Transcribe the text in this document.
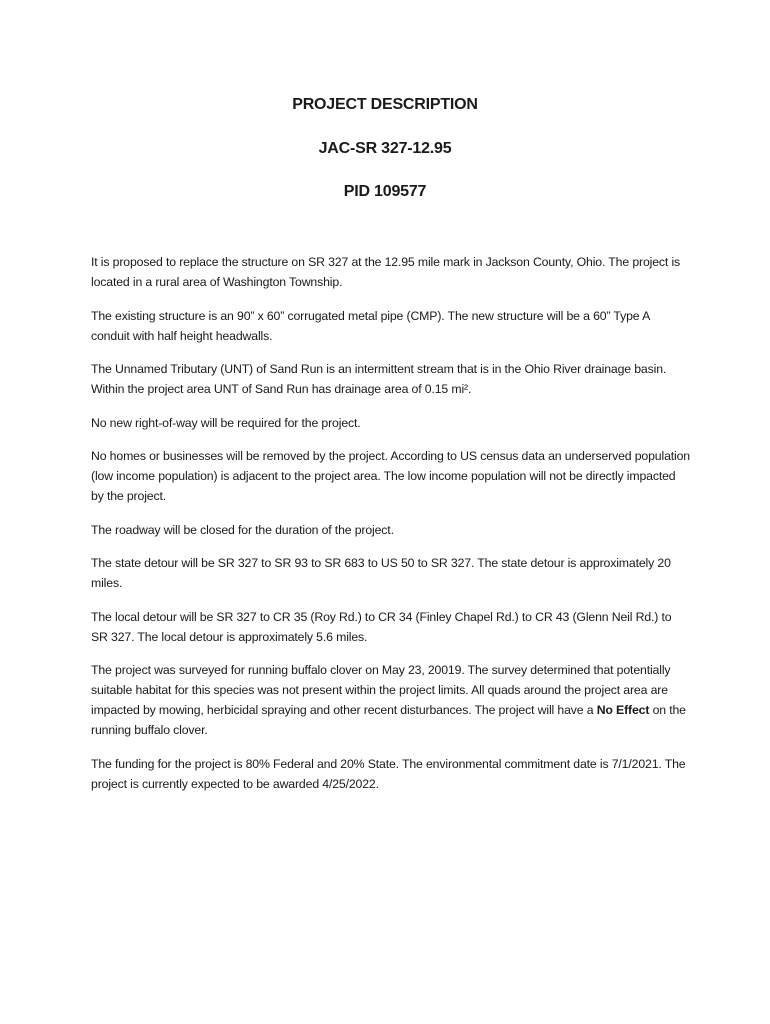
PROJECT DESCRIPTION
JAC-SR 327-12.95
PID 109577

It is proposed to replace the structure on SR 327 at the 12.95 mile mark in Jackson County, Ohio. The project is located in a rural area of Washington Township.

The existing structure is an 90” x 60” corrugated metal pipe (CMP). The new structure will be a 60” Type A conduit with half height headwalls.

The Unnamed Tributary (UNT) of Sand Run is an intermittent stream that is in the Ohio River drainage basin. Within the project area UNT of Sand Run has drainage area of 0.15 mi².

No new right-of-way will be required for the project.

No homes or businesses will be removed by the project. According to US census data an underserved population (low income population) is adjacent to the project area. The low income population will not be directly impacted by the project.

The roadway will be closed for the duration of the project.

The state detour will be SR 327 to SR 93 to SR 683 to US 50 to SR 327. The state detour is approximately 20 miles.

The local detour will be SR 327 to CR 35 (Roy Rd.) to CR 34 (Finley Chapel Rd.) to CR 43 (Glenn Neil Rd.) to SR 327. The local detour is approximately 5.6 miles.

The project was surveyed for running buffalo clover on May 23, 20019. The survey determined that potentially suitable habitat for this species was not present within the project limits. All quads around the project area are impacted by mowing, herbicidal spraying and other recent disturbances. The project will have a No Effect on the running buffalo clover.

The funding for the project is 80% Federal and 20% State. The environmental commitment date is 7/1/2021. The project is currently expected to be awarded 4/25/2022.
